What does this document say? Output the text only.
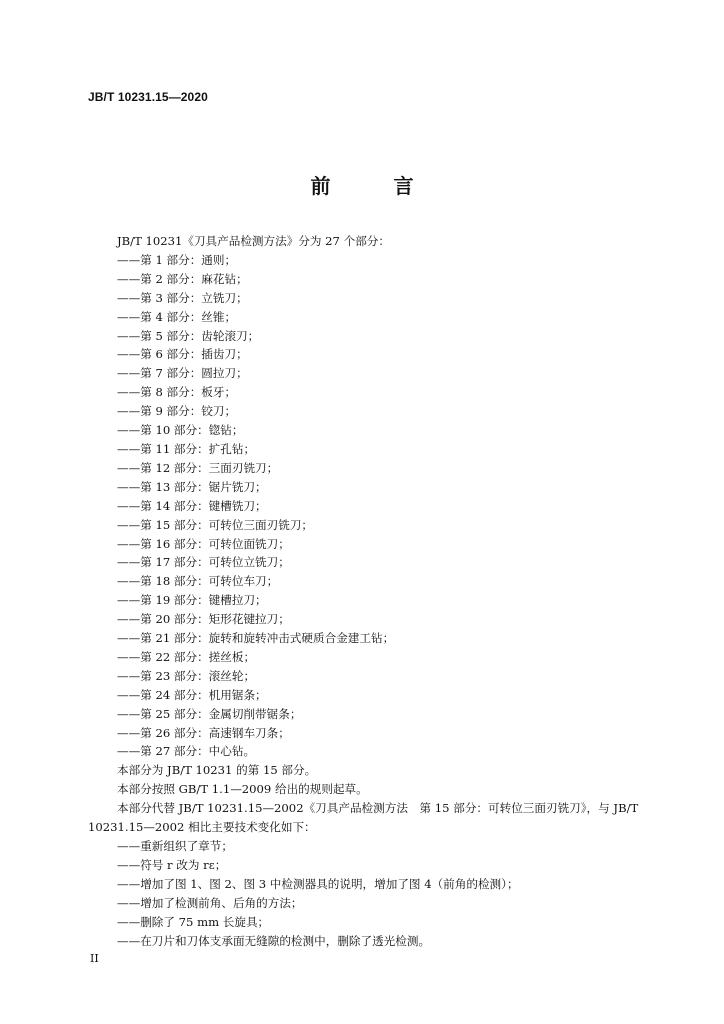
JB/T 10231.15—2020
前 言
JB/T 10231《刀具产品检测方法》分为 27 个部分：
——第 1 部分：通则；
——第 2 部分：麻花钻；
——第 3 部分：立铣刀；
——第 4 部分：丝锥；
——第 5 部分：齿轮滚刀；
——第 6 部分：插齿刀；
——第 7 部分：圆拉刀；
——第 8 部分：板牙；
——第 9 部分：铰刀；
——第 10 部分：锪钻；
——第 11 部分：扩孔钻；
——第 12 部分：三面刃铣刀；
——第 13 部分：锯片铣刀；
——第 14 部分：键槽铣刀；
——第 15 部分：可转位三面刃铣刀；
——第 16 部分：可转位面铣刀；
——第 17 部分：可转位立铣刀；
——第 18 部分：可转位车刀；
——第 19 部分：键槽拉刀；
——第 20 部分：矩形花键拉刀；
——第 21 部分：旋转和旋转冲击式硬质合金建工钻；
——第 22 部分：搓丝板；
——第 23 部分：滚丝轮；
——第 24 部分：机用锯条；
——第 25 部分：金属切削带锯条；
——第 26 部分：高速钢车刀条；
——第 27 部分：中心钻。
本部分为 JB/T 10231 的第 15 部分。
本部分按照 GB/T 1.1—2009 给出的规则起草。
本部分代替 JB/T 10231.15—2002《刀具产品检测方法　第 15 部分：可转位三面刃铣刀》，与 JB/T 10231.15—2002 相比主要技术变化如下：
——重新组织了章节；
——符号 r 改为 rε；
——增加了图 1、图 2、图 3 中检测器具的说明，增加了图 4（前角的检测）；
——增加了检测前角、后角的方法；
——删除了 75 mm 长旋具；
——在刀片和刀体支承面无缝隙的检测中，删除了透光检测。
II
